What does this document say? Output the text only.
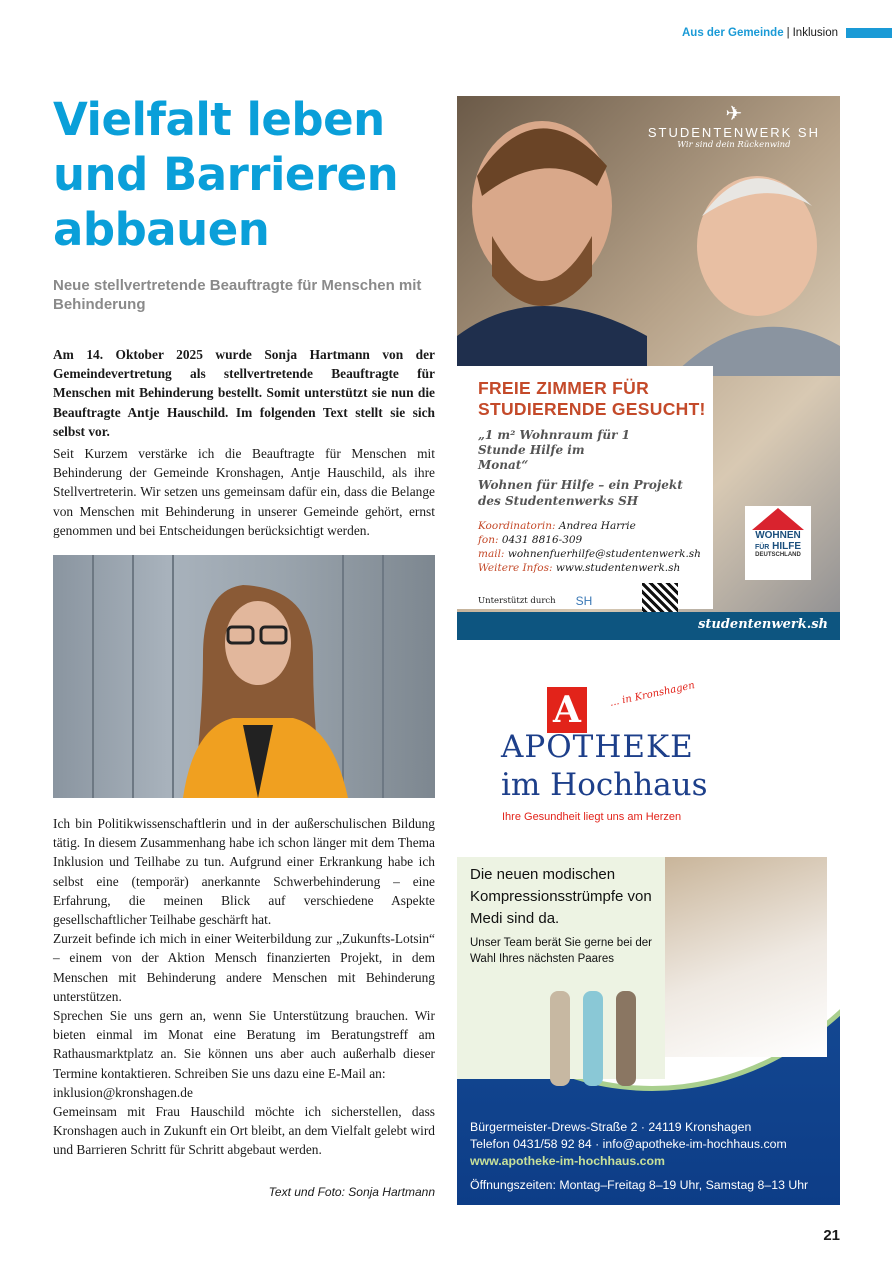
Aus der Gemeinde | Inklusion
Vielfalt leben und Barrieren abbauen
Neue stellvertretende Beauftragte für Menschen mit Behinderung

Am 14. Oktober 2025 wurde Sonja Hartmann von der Gemeindevertretung als stellvertretende Beauftragte für Menschen mit Behinderung bestellt. Somit unterstützt sie nun die Beauftragte Antje Hauschild. Im folgenden Text stellt sie sich selbst vor.

Seit Kurzem verstärke ich die Beauftragte für Menschen mit Behinderung der Gemeinde Kronshagen, Antje Hauschild, als ihre Stellvertreterin. Wir setzen uns gemeinsam dafür ein, dass die Belange von Menschen mit Behinderung in unserer Gemeinde gehört, ernst genommen und bei Entscheidungen berücksichtigt werden.

Ich bin Politikwissenschaftlerin und in der außerschulischen Bildung tätig. In diesem Zusammenhang habe ich schon länger mit dem Thema Inklusion und Teilhabe zu tun. Aufgrund einer Erkrankung habe ich selbst eine (temporär) anerkannte Schwerbehinderung – eine Erfahrung, die meinen Blick auf verschiedene Aspekte gesellschaftlicher Teilhabe geschärft hat.

Zurzeit befinde ich mich in einer Weiterbildung zur „Zukunfts-Lotsin“ – einem von der Aktion Mensch finanzierten Projekt, in dem Menschen mit Behinderung andere Menschen mit Behinderung unterstützen.

Sprechen Sie uns gern an, wenn Sie Unterstützung brauchen. Wir bieten einmal im Monat eine Beratung im Beratungstreff am Rathausmarktplatz an. Sie können uns aber auch außerhalb dieser Termine kontaktieren. Schreiben Sie uns dazu eine E-Mail an:

inklusion@kronshagen.de

Gemeinsam mit Frau Hauschild möchte ich sicherstellen, dass Kronshagen auch in Zukunft ein Ort bleibt, an dem Vielfalt gelebt wird und Barrieren Schritt für Schritt abgebaut werden.

Text und Foto: Sonja Hartmann
✈
STUDENTENWERK SH
Wir sind dein Rückenwind
FREIE ZIMMER FÜR STUDIERENDE GESUCHT!
„1 m² Wohnraum für 1 Stunde Hilfe im Monat“
Wohnen für Hilfe – ein Projekt des Studentenwerks SH
Koordinatorin: Andrea Harrie
fon: 0431 8816-309
mail: wohnenfuerhilfe@studentenwerk.sh
Weitere Infos: www.studentenwerk.sh
Unterstützt durch SH
WOHNEN
FÜR HILFE
DEUTSCHLAND
studentenwerk.sh
A	... in Kronshagen
APOTHEKE
im Hochhaus
Ihre Gesundheit liegt uns am Herzen
Die neuen modischen Kompressionsstrümpfe von Medi sind da.
Unser Team berät Sie gerne bei der Wahl Ihres nächsten Paares
Bürgermeister-Drews-Straße 2 · 24119 Kronshagen
Telefon 0431/58 92 84 · info@apotheke-im-hochhaus.com
www.apotheke-im-hochhaus.com
Öffnungszeiten: Montag–Freitag 8–19 Uhr, Samstag 8–13 Uhr
21
